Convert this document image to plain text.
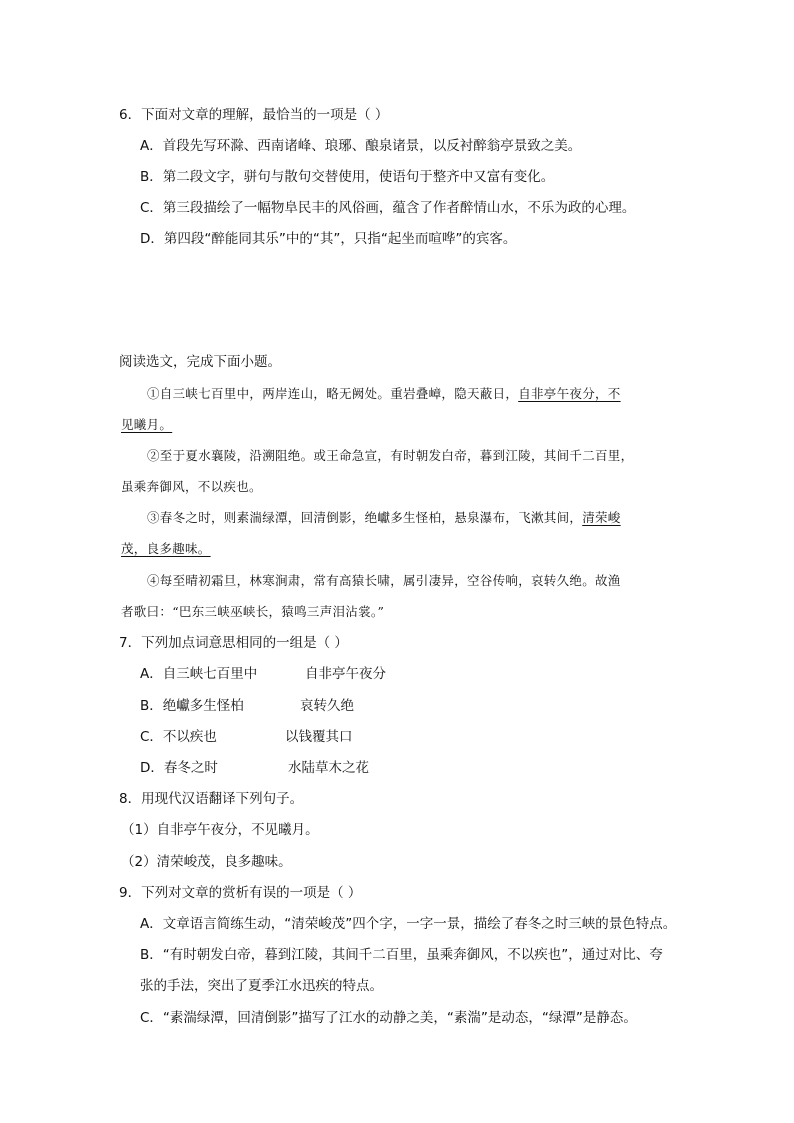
6．下面对文章的理解，最恰当的一项是（ ）
A．首段先写环滁、西南诸峰、琅琊、酿泉诸景，以反衬醉翁亭景致之美。
B．第二段文字，骈句与散句交替使用，使语句于整齐中又富有变化。
C．第三段描绘了一幅物阜民丰的风俗画，蕴含了作者醉情山水，不乐为政的心理。
D．第四段“醉能同其乐”中的“其”，只指“起坐而喧哗”的宾客。
阅读选文，完成下面小题。
①自三峡七百里中，两岸连山，略无阙处。重岩叠嶂，隐天蔽日，自非亭午夜分，不
见曦月。
②至于夏水襄陵，沿溯阻绝。或王命急宣，有时朝发白帝，暮到江陵，其间千二百里，
虽乘奔御风，不以疾也。
③春冬之时，则素湍绿潭，回清倒影，绝巘多生怪柏，悬泉瀑布，飞漱其间，清荣峻
茂，良多趣味。
④每至晴初霜旦，林寒涧肃，常有高猿长啸，属引凄异，空谷传响，哀转久绝。故渔
者歌曰：“巴东三峡巫峡长，猿鸣三声泪沾裳。”
7．下列加点词意思相同的一组是（ ）
A．自三峡七百里中	自非亭午夜分
B．绝巘多生怪柏	哀转久绝
C．不以疾也	以钱覆其口
D．春冬之时	水陆草木之花
8．用现代汉语翻译下列句子。
（1）自非亭午夜分，不见曦月。
（2）清荣峻茂，良多趣味。
9．下列对文章的赏析有误的一项是（ ）
A．文章语言简练生动，“清荣峻茂”四个字，一字一景，描绘了春冬之时三峡的景色特点。
B．“有时朝发白帝，暮到江陵，其间千二百里，虽乘奔御风，不以疾也”，通过对比、夸
张的手法，突出了夏季江水迅疾的特点。
C．“素湍绿潭，回清倒影”描写了江水的动静之美，“素湍”是动态，“绿潭”是静态。
